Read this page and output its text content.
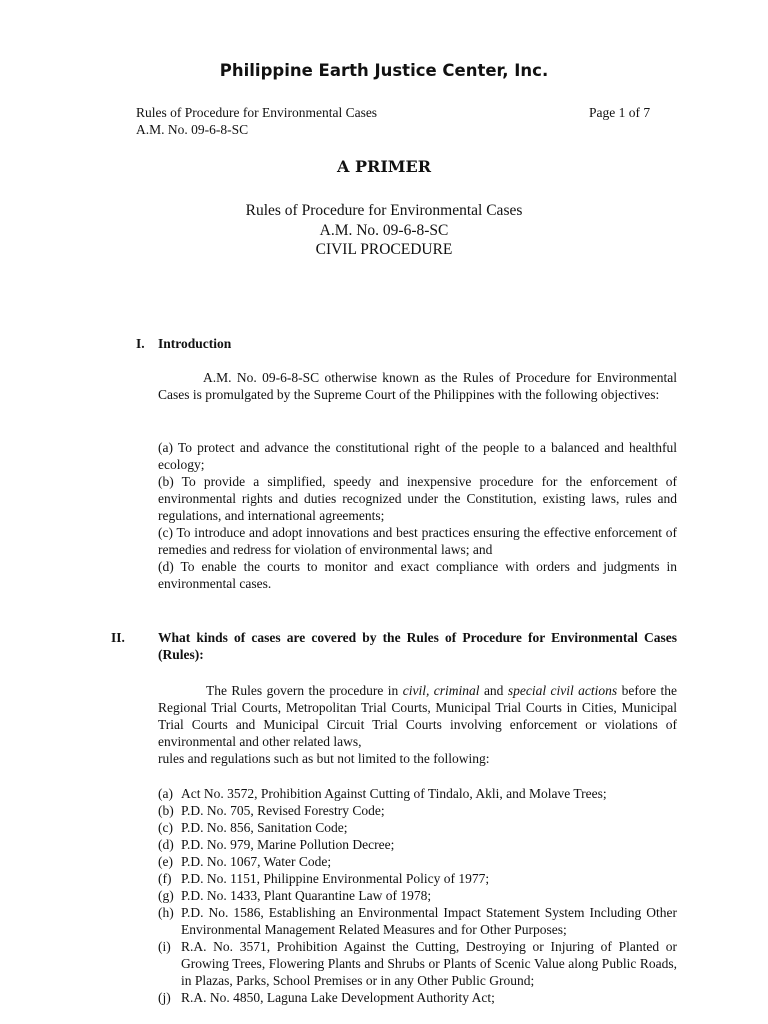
Philippine Earth Justice Center, Inc.
Rules of Procedure for Environmental Cases
A.M. No. 09-6-8-SC
Page 1 of 7
A PRIMER
Rules of Procedure for Environmental Cases
A.M. No. 09-6-8-SC
CIVIL PROCEDURE
I. Introduction
A.M. No. 09-6-8-SC otherwise known as the Rules of Procedure for Environmental Cases is promulgated by the Supreme Court of the Philippines with the following objectives:

(a) To protect and advance the constitutional right of the people to a balanced and healthful ecology;

(b) To provide a simplified, speedy and inexpensive procedure for the enforcement of environmental rights and duties recognized under the Constitution, existing laws, rules and regulations, and international agreements;

(c) To introduce and adopt innovations and best practices ensuring the effective enforcement of remedies and redress for violation of environmental laws; and

(d) To enable the courts to monitor and exact compliance with orders and judgments in environmental cases.

II. What kinds of cases are covered by the Rules of Procedure for Environmental Cases (Rules):
The Rules govern the procedure in civil, criminal and special civil actions before the Regional Trial Courts, Metropolitan Trial Courts, Municipal Trial Courts in Cities, Municipal Trial Courts and Municipal Circuit Trial Courts involving enforcement or violations of environmental and other related laws,
rules and regulations such as but not limited to the following:
(a) Act No. 3572, Prohibition Against Cutting of Tindalo, Akli, and Molave Trees;
(b) P.D. No. 705, Revised Forestry Code;
(c) P.D. No. 856, Sanitation Code;
(d) P.D. No. 979, Marine Pollution Decree;
(e) P.D. No. 1067, Water Code;
(f) P.D. No. 1151, Philippine Environmental Policy of 1977;
(g) P.D. No. 1433, Plant Quarantine Law of 1978;
(h) P.D. No. 1586, Establishing an Environmental Impact Statement System Including Other Environmental Management Related Measures and for Other Purposes;
(i) R.A. No. 3571, Prohibition Against the Cutting, Destroying or Injuring of Planted or Growing Trees, Flowering Plants and Shrubs or Plants of Scenic Value along Public Roads, in Plazas, Parks, School Premises or in any Other Public Ground;
(j) R.A. No. 4850, Laguna Lake Development Authority Act;
